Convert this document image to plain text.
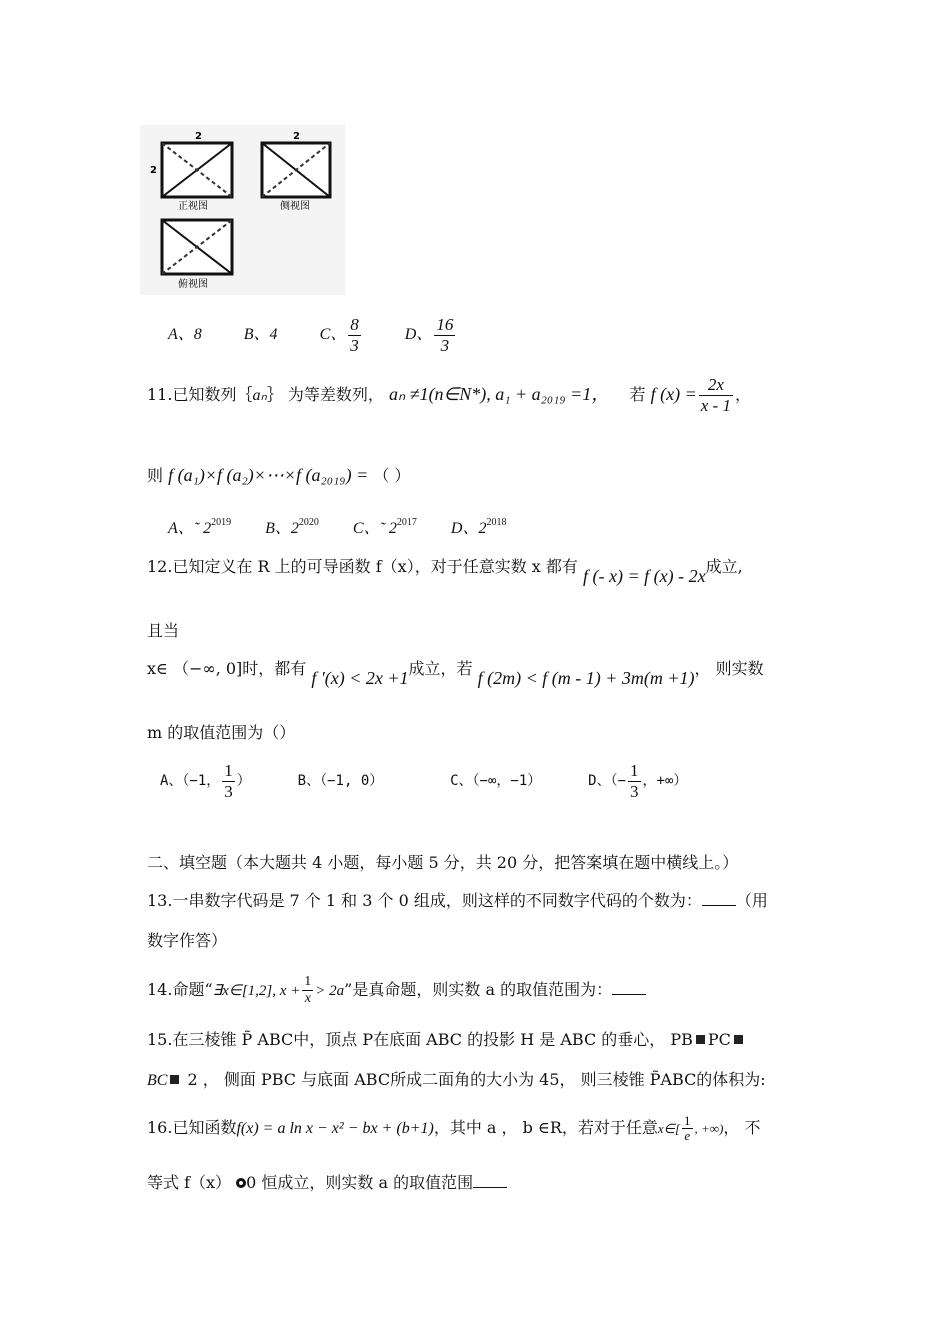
2
2
正视图
2
侧视图
俯视图
A、8	B、4	C、 $\frac{8}{3}$	D、 $\frac{16}{3}$
11.已知数列｛aₙ｝ 为等差数列， aₙ ≠1(n∈N*), a₁ + a₂₀₁₉ =1， 若 f $(x) = \frac{2x}{x - 1}$ ，
则 f (a₁)×f (a₂)×⋯×f (a₂₀₁₉) = （ ）
A、˜ $2^{2019}$ B、$2^{2020}$ C、˜ $2^{2017}$ D、$2^{2018}$
12.已知定义在 R 上的可导函数 f（x），对于任意实数 x 都有 f (- x) = f (x) - 2x成立,
且当
x∈ （−∞, 0]时，都有 f '(x) < 2x +1成立，若 f (2m) < f (m - 1) + 3m(m +1)， 则实数
m 的取值范围为（）
A、（−1， $\frac{1}{3}$ ）	B、（−1, 0）	C、（−∞，−1）	D、（− $\frac{1}{3}$ ，+∞）
二、填空题（本大题共 4 小题，每小题 5 分，共 20 分，把答案填在题中横线上。）
13.一串数字代码是 7 个 1 和 3 个 0 组成，则这样的不同数字代码的个数为： （用
数字作答）
14.命题“∃x∈[1,2], $x + \frac{1}{x} > 2a$”是真命题，则实数 a 的取值范围为：
15.在三棱锥 P̃ ABC中，顶点 P在底面 ABC 的投影 H 是 ABC 的垂心， PB PC
BC 2 ， 侧面 PBC 与底面 ABC所成二面角的大小为 45， 则三棱锥 P̃ABC的体积为:
16.已知函数f(x) = a ln x − x² − bx + (b+1)，其中 a ， b ∈R，若对于任意x∈[ $\frac{1}{e}$ , +∞)， 不
等式 f（x） 0 恒成立，则实数 a 的取值范围
